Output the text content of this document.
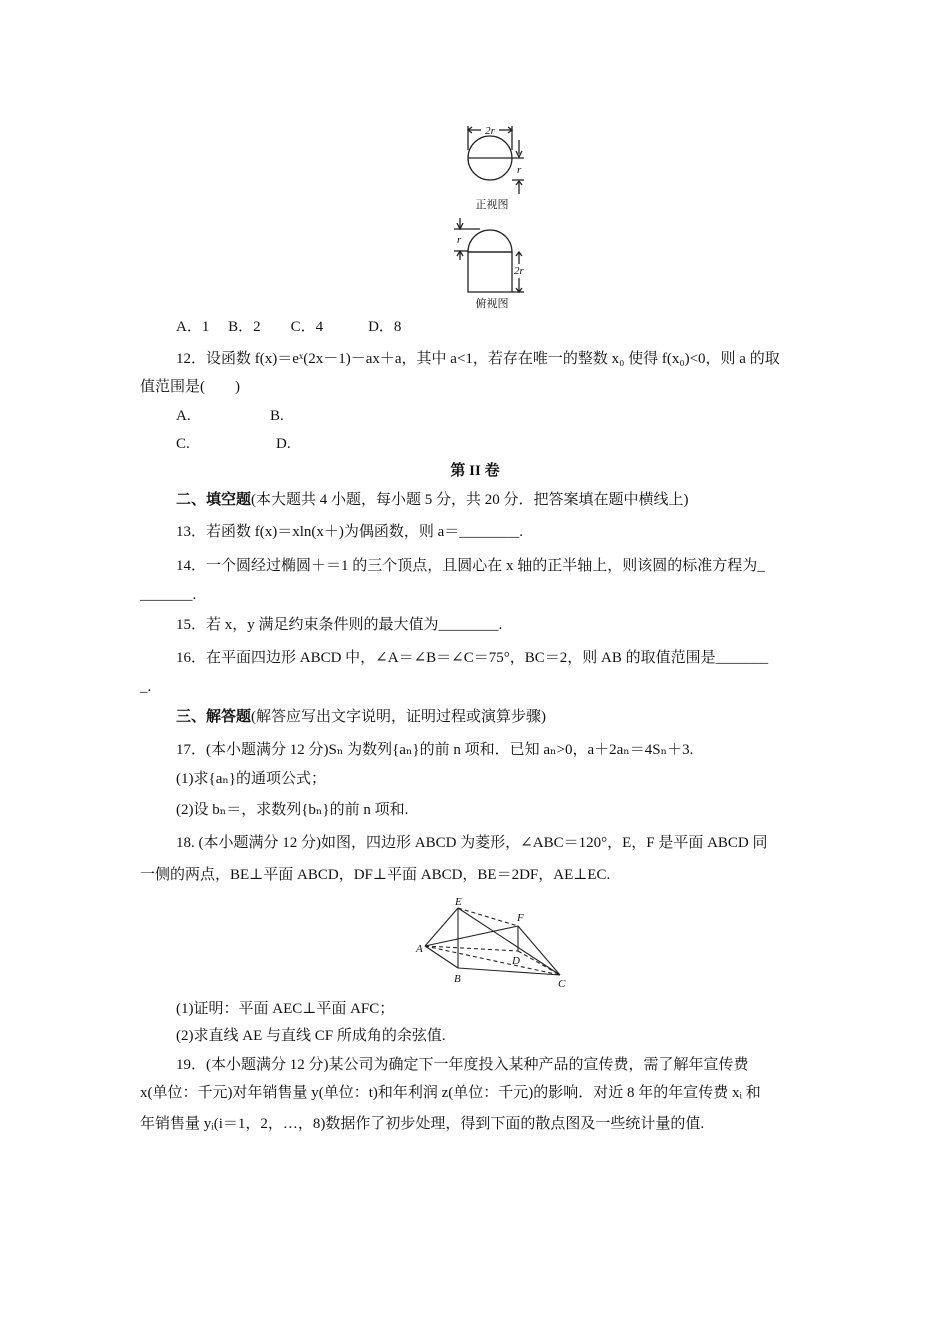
2r
r
正视图
r
2r
俯视图
A．1　 B．2　　C．4　　　D．8
12．设函数 f(x)＝eˣ(2x－1)－ax＋a，其中 a<1，若存在唯一的整数 x₀ 使得 f(x₀)<0，则 a 的取
值范围是(　　)
A.	B.
C.	D.
第 II 卷
二、填空题(本大题共 4 小题，每小题 5 分，共 20 分．把答案填在题中横线上)
13．若函数 f(x)＝xln(x＋)为偶函数，则 a＝________.
14．一个圆经过椭圆＋＝1 的三个顶点，且圆心在 x 轴的正半轴上，则该圆的标准方程为_
_______.
15．若 x，y 满足约束条件则的最大值为________.
16．在平面四边形 ABCD 中，∠A＝∠B＝∠C＝75°，BC＝2，则 AB 的取值范围是_______
_.
三、解答题(解答应写出文字说明，证明过程或演算步骤)
17．(本小题满分 12 分)Sₙ 为数列{aₙ}的前 n 项和．已知 aₙ>0，a＋2aₙ＝4Sₙ＋3.
(1)求{aₙ}的通项公式；
(2)设 bₙ＝，求数列{bₙ}的前 n 项和.
18. (本小题满分 12 分)如图，四边形 ABCD 为菱形，∠ABC＝120°，E，F 是平面 ABCD 同
一侧的两点，BE⊥平面 ABCD，DF⊥平面 ABCD，BE＝2DF，AE⊥EC.
E
F
A
D
B	C
(1)证明：平面 AEC⊥平面 AFC；
(2)求直线 AE 与直线 CF 所成角的余弦值.
19．(本小题满分 12 分)某公司为确定下一年度投入某种产品的宣传费，需了解年宣传费
x(单位：千元)对年销售量 y(单位：t)和年利润 z(单位：千元)的影响．对近 8 年的年宣传费 xᵢ 和
年销售量 yᵢ(i＝1，2，…，8)数据作了初步处理，得到下面的散点图及一些统计量的值.
